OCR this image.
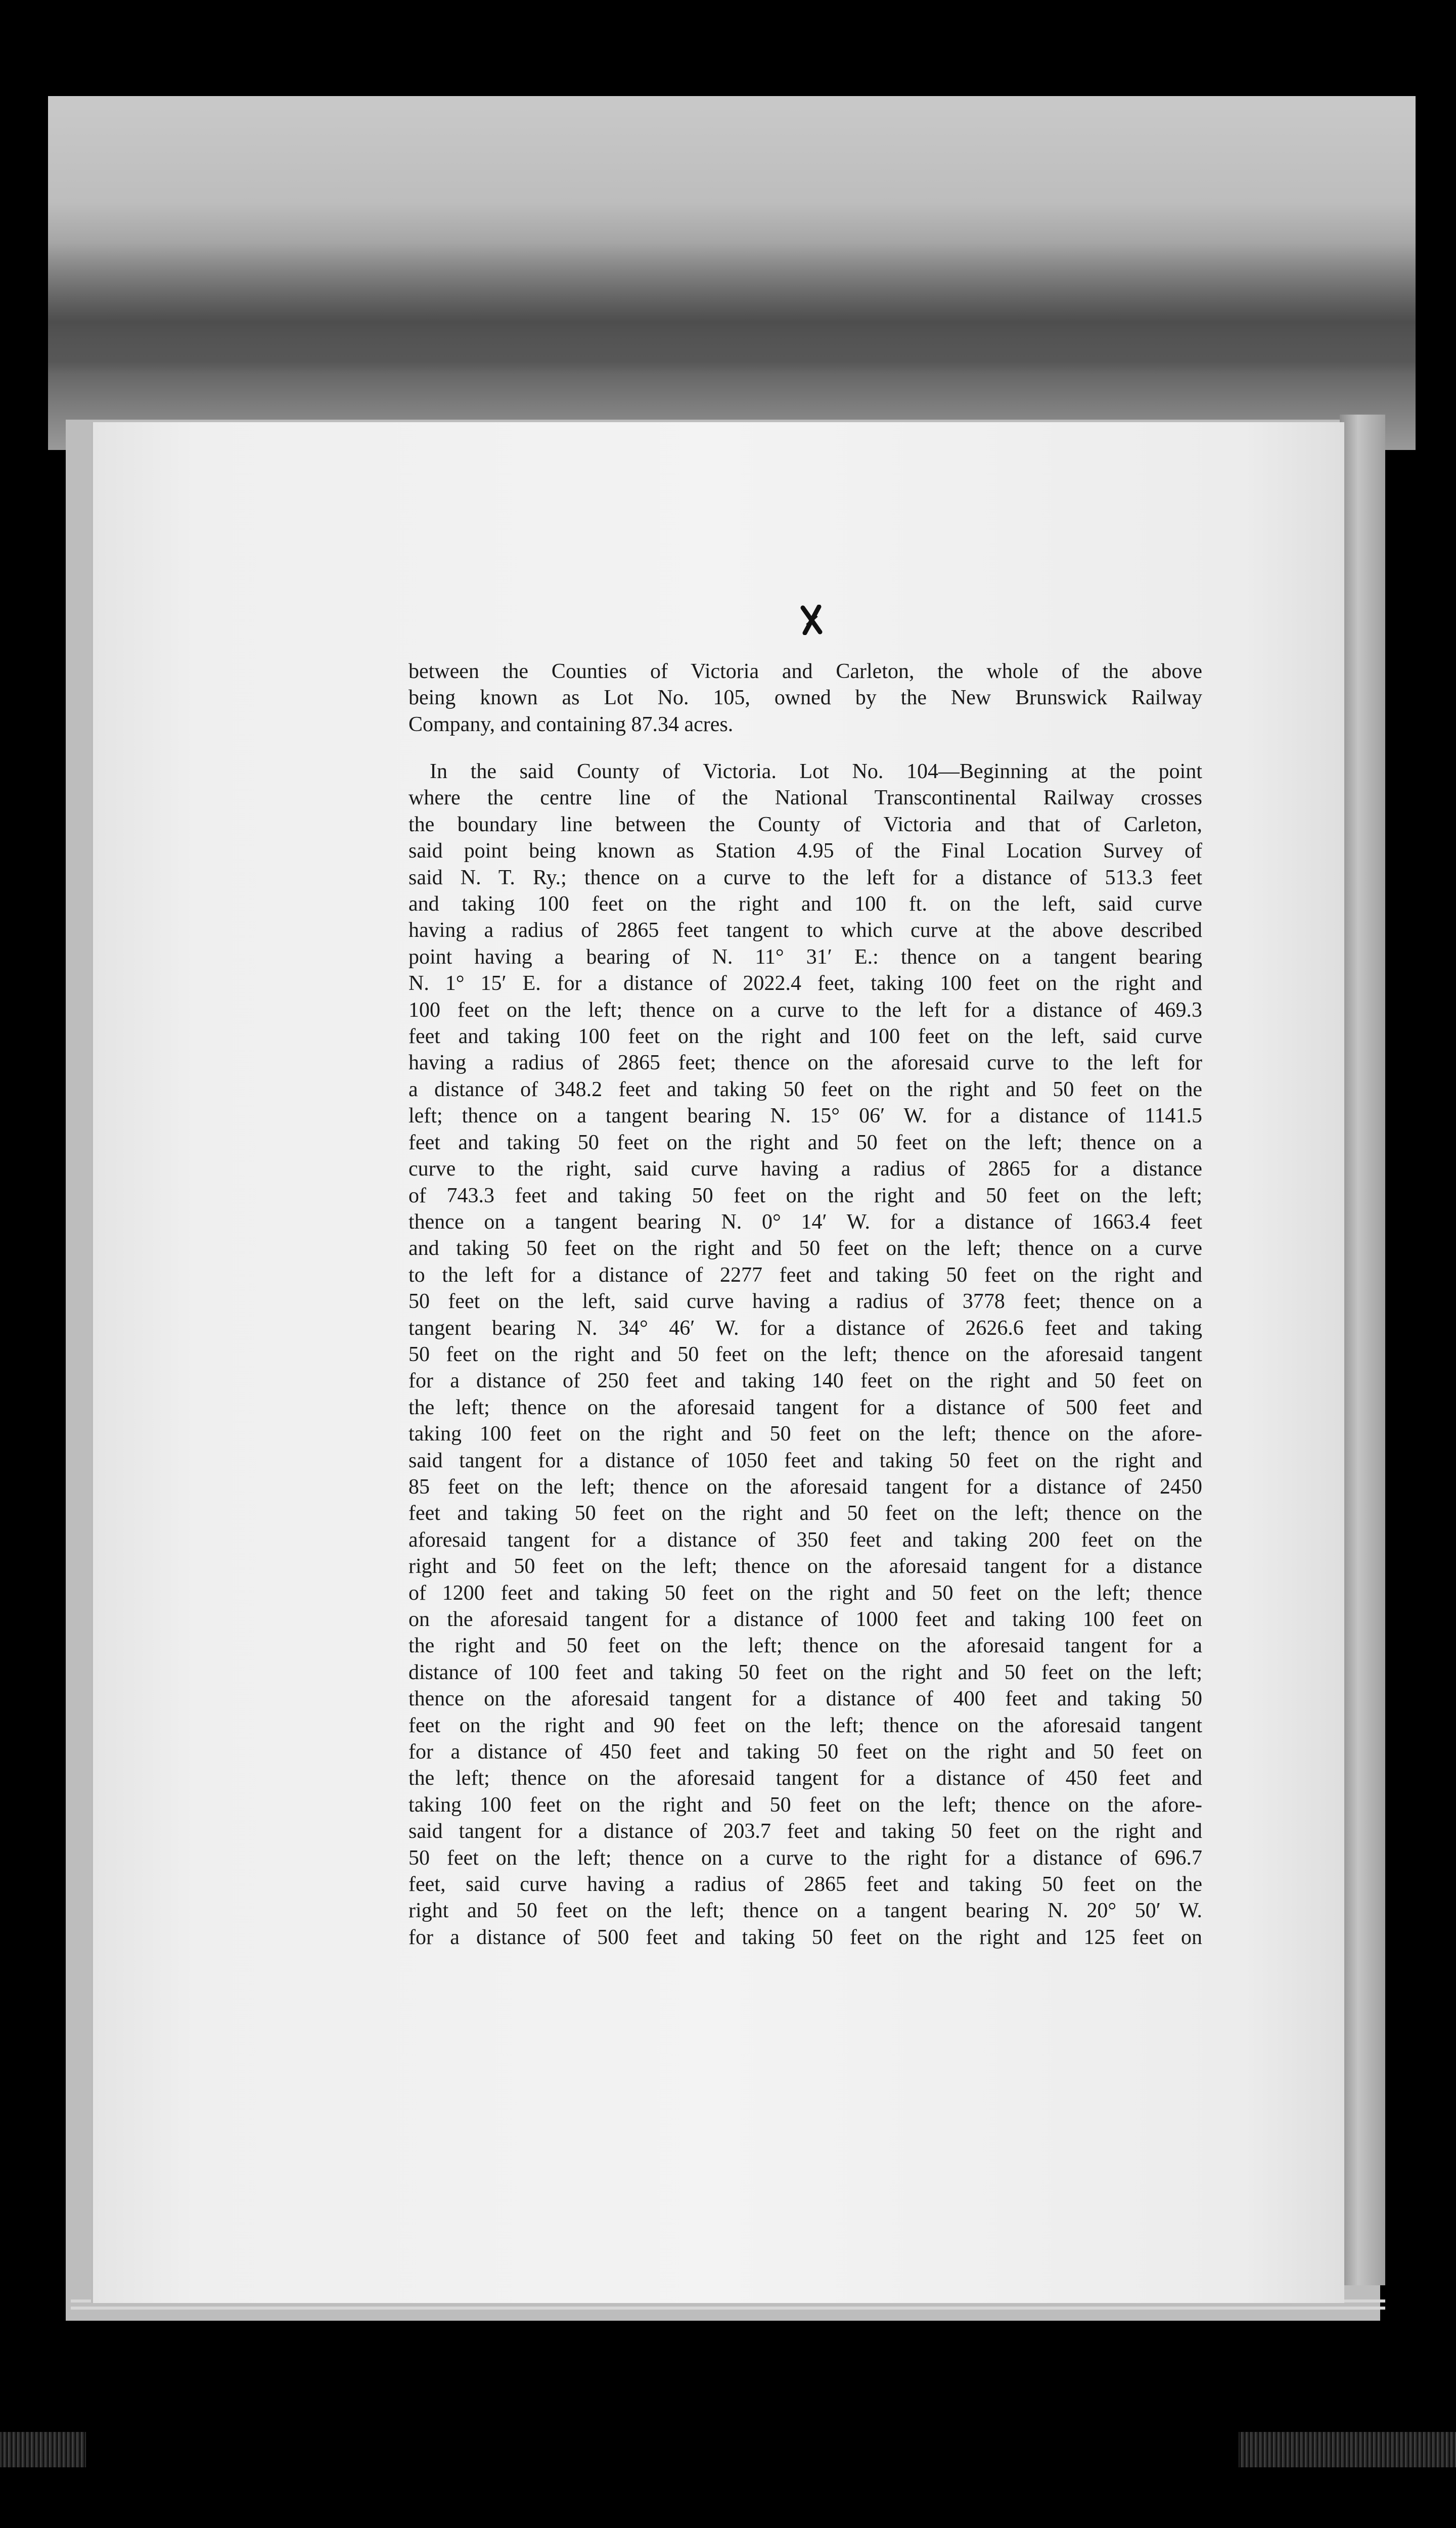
between the Counties of Victoria and Carleton, the whole of the above
being known as Lot No. 105, owned by the New Brunswick Railway
Company, and containing 87.34 acres.
In the said County of Victoria. Lot No. 104—Beginning at the point
where the centre line of the National Transcontinental Railway crosses
the boundary line between the County of Victoria and that of Carleton,
said point being known as Station 4.95 of the Final Location Survey of
said N. T. Ry.; thence on a curve to the left for a distance of 513.3 feet
and taking 100 feet on the right and 100 ft. on the left, said curve
having a radius of 2865 feet tangent to which curve at the above described
point having a bearing of N. 11° 31′ E.: thence on a tangent bearing
N. 1° 15′ E. for a distance of 2022.4 feet, taking 100 feet on the right and
100 feet on the left; thence on a curve to the left for a distance of 469.3
feet and taking 100 feet on the right and 100 feet on the left, said curve
having a radius of 2865 feet; thence on the aforesaid curve to the left for
a distance of 348.2 feet and taking 50 feet on the right and 50 feet on the
left; thence on a tangent bearing N. 15° 06′ W. for a distance of 1141.5
feet and taking 50 feet on the right and 50 feet on the left; thence on a
curve to the right, said curve having a radius of 2865 for a distance
of 743.3 feet and taking 50 feet on the right and 50 feet on the left;
thence on a tangent bearing N. 0° 14′ W. for a distance of 1663.4 feet
and taking 50 feet on the right and 50 feet on the left; thence on a curve
to the left for a distance of 2277 feet and taking 50 feet on the right and
50 feet on the left, said curve having a radius of 3778 feet; thence on a
tangent bearing N. 34° 46′ W. for a distance of 2626.6 feet and taking
50 feet on the right and 50 feet on the left; thence on the aforesaid tangent
for a distance of 250 feet and taking 140 feet on the right and 50 feet on
the left; thence on the aforesaid tangent for a distance of 500 feet and
taking 100 feet on the right and 50 feet on the left; thence on the afore-
said tangent for a distance of 1050 feet and taking 50 feet on the right and
85 feet on the left; thence on the aforesaid tangent for a distance of 2450
feet and taking 50 feet on the right and 50 feet on the left; thence on the
aforesaid tangent for a distance of 350 feet and taking 200 feet on the
right and 50 feet on the left; thence on the aforesaid tangent for a distance
of 1200 feet and taking 50 feet on the right and 50 feet on the left; thence
on the aforesaid tangent for a distance of 1000 feet and taking 100 feet on
the right and 50 feet on the left; thence on the aforesaid tangent for a
distance of 100 feet and taking 50 feet on the right and 50 feet on the left;
thence on the aforesaid tangent for a distance of 400 feet and taking 50
feet on the right and 90 feet on the left; thence on the aforesaid tangent
for a distance of 450 feet and taking 50 feet on the right and 50 feet on
the left; thence on the aforesaid tangent for a distance of 450 feet and
taking 100 feet on the right and 50 feet on the left; thence on the afore-
said tangent for a distance of 203.7 feet and taking 50 feet on the right and
50 feet on the left; thence on a curve to the right for a distance of 696.7
feet, said curve having a radius of 2865 feet and taking 50 feet on the
right and 50 feet on the left; thence on a tangent bearing N. 20° 50′ W.
for a distance of 500 feet and taking 50 feet on the right and 125 feet on
